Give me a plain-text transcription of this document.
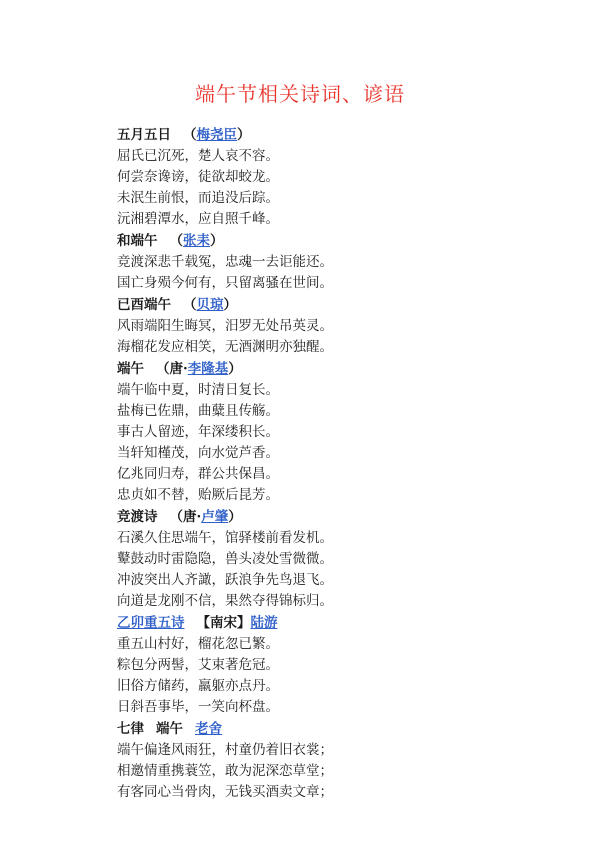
端午节相关诗词、谚语
五月五日 （梅尧臣）
屈氏已沉死，楚人哀不容。
何尝奈谗谤，徒欲却蛟龙。
未泯生前恨，而追没后踪。
沅湘碧潭水，应自照千峰。
和端午 （张耒）
竞渡深悲千载冤，忠魂一去讵能还。
国亡身殒今何有，只留离骚在世间。
已酉端午 （贝琼）
风雨端阳生晦冥，汨罗无处吊英灵。
海榴花发应相笑，无酒渊明亦独醒。
端午 （唐·李隆基）
端午临中夏，时清日复长。
盐梅已佐鼎，曲糵且传觞。
事古人留迹，年深缕积长。
当轩知槿茂，向水觉芦香。
亿兆同归寿，群公共保昌。
忠贞如不替，贻厥后昆芳。
竞渡诗 （唐·卢肇）
石溪久住思端午，馆驿楼前看发机。
鼙鼓动时雷隐隐，兽头凌处雪微微。
冲波突出人齐譀，跃浪争先鸟退飞。
向道是龙刚不信，果然夺得锦标归。
乙卯重五诗 【南宋】陆游
重五山村好，榴花忽已繁。
粽包分两髻，艾束著危冠。
旧俗方储药，羸躯亦点丹。
日斜吾事毕，一笑向杯盘。
七律 端午 老舍
端午偏逢风雨狂，村童仍着旧衣裳；
相邀情重携蓑笠，敢为泥深恋草堂；
有客同心当骨肉，无钱买酒卖文章；
